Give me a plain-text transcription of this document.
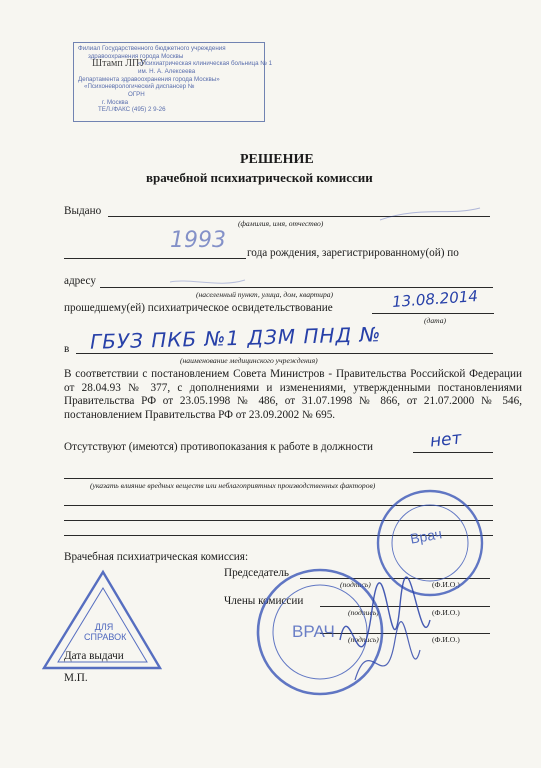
Филиал Государственного бюджетного учреждения
здравоохранения города Москвы
Штамп ЛПУ
«Психиатрическая клиническая больница № 1
им. Н. А. Алексеева
Департамента здравоохранения города Москвы»
«Психоневрологический диспансер №
ОГРН
г. Москва
ТЕЛ./ФАКС (495) 2 9-26
РЕШЕНИЕ
врачебной психиатрической комиссии
Выдано
(фамилия, имя, отчество)
1993 года рождения, зарегистрированному(ой) по
адресу
(населенный пункт, улица, дом, квартира)
прошедшему(ей) психиатрическое освидетельствование	13.08.2014
(дата)
в ГБУЗ ПКБ №1 ДЗМ ПНД №
(наименование медицинского учреждения)
В соответствии с постановлением Совета Министров - Правительства Российской Федерации от 28.04.93 № 377, с дополнениями и изменениями, утвержденными постановлениями Правительства РФ от 23.05.1998 № 486, от 31.07.1998 № 866, от 21.07.2000 № 546, постановлением Правительства РФ от 23.09.2002 № 695.
Отсутствуют (имеются) противопоказания к работе в должности	нет
(указать влияние вредных веществ или неблагоприятных производственных факторов)
Врачебная психиатрическая комиссия:
Председатель
(подпись)	(Ф.И.О.)
Члены комиссии
(подпись)	(Ф.И.О.)
(подпись)	(Ф.И.О.)
Дата выдачи
М.П.
ДЛЯ СПРАВОК	ВРАЧ
Врач
